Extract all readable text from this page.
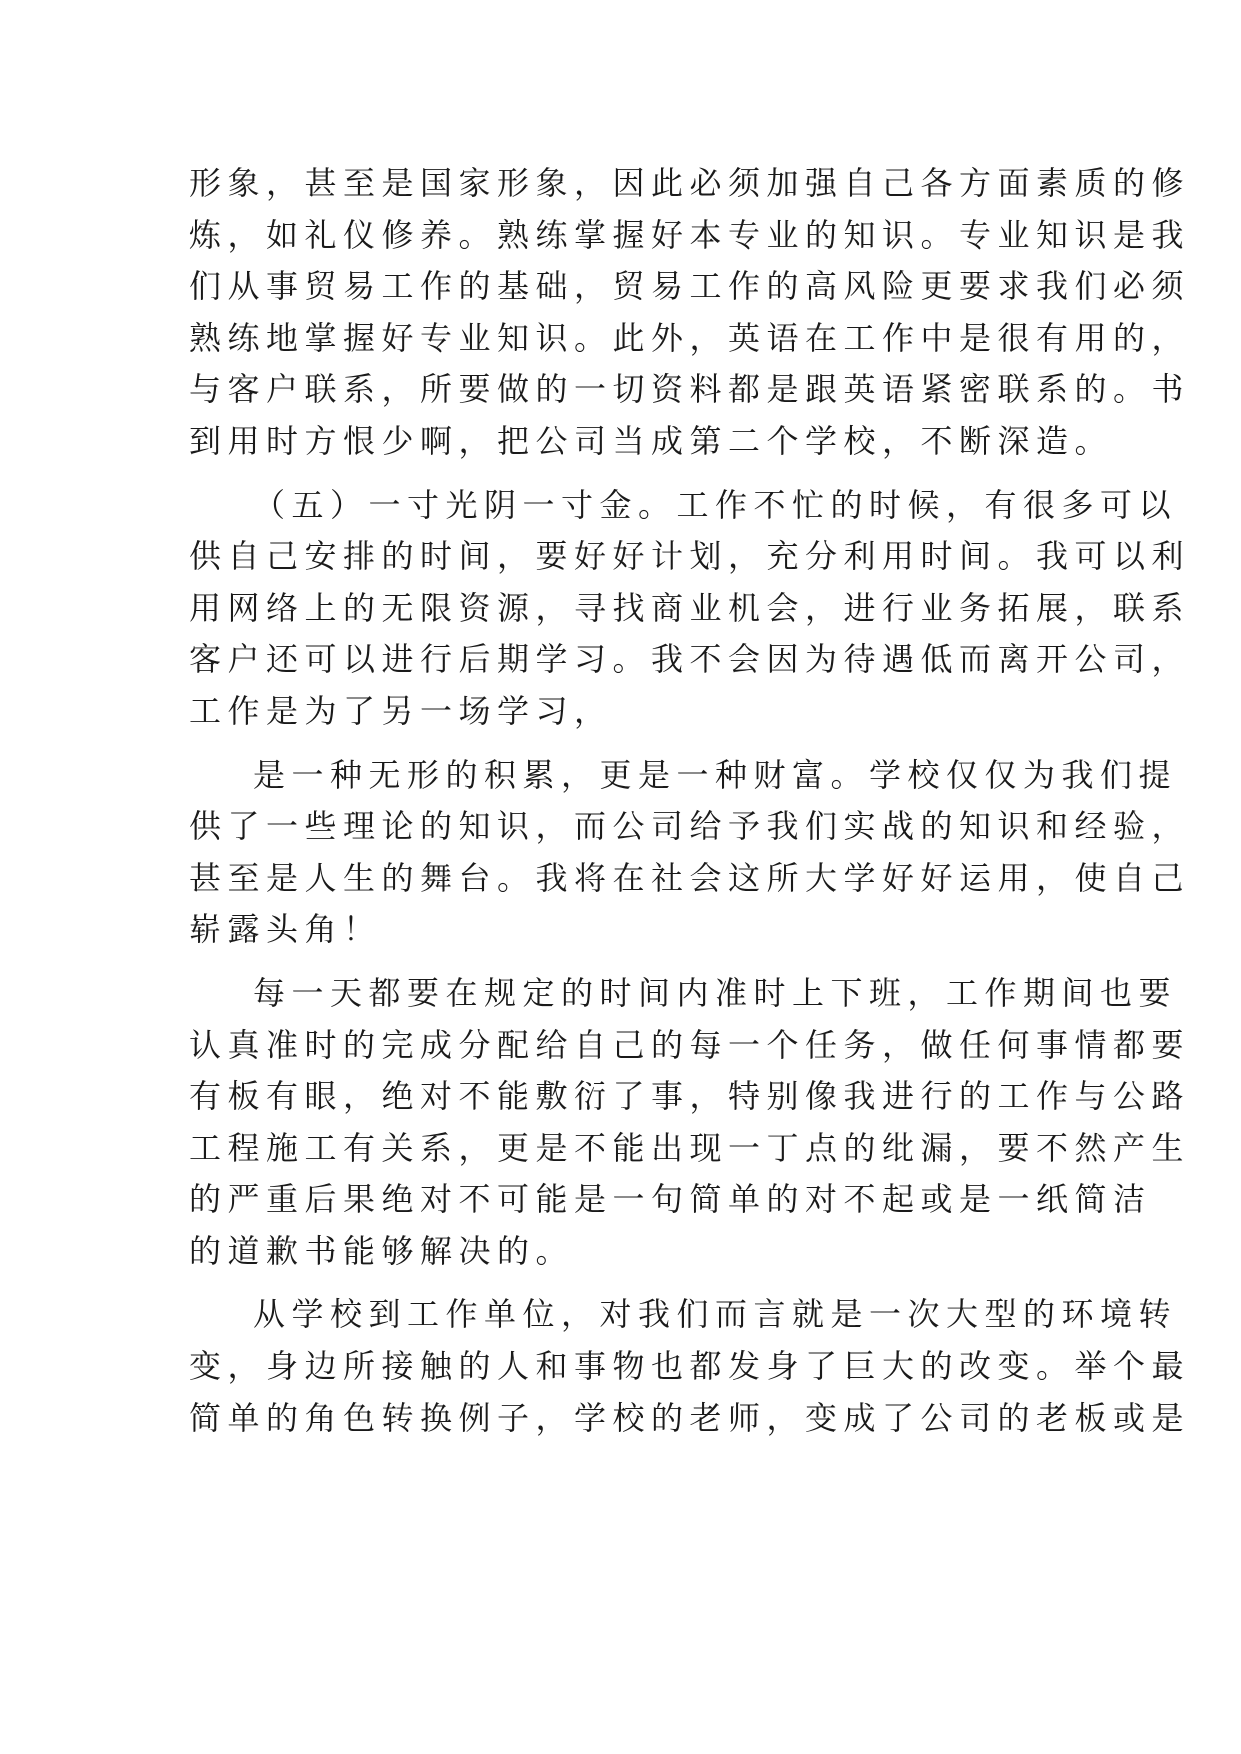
形象，甚至是国家形象，因此必须加强自己各方面素质的修
炼，如礼仪修养。熟练掌握好本专业的知识。专业知识是我
们从事贸易工作的基础，贸易工作的高风险更要求我们必须
熟练地掌握好专业知识。此外，英语在工作中是很有用的，
与客户联系，所要做的一切资料都是跟英语紧密联系的。书
到用时方恨少啊，把公司当成第二个学校，不断深造。
（五）一寸光阴一寸金。工作不忙的时候，有很多可以
供自己安排的时间，要好好计划，充分利用时间。我可以利
用网络上的无限资源，寻找商业机会，进行业务拓展，联系
客户还可以进行后期学习。我不会因为待遇低而离开公司，
工作是为了另一场学习，
是一种无形的积累，更是一种财富。学校仅仅为我们提
供了一些理论的知识，而公司给予我们实战的知识和经验，
甚至是人生的舞台。我将在社会这所大学好好运用，使自己
崭露头角！
每一天都要在规定的时间内准时上下班，工作期间也要
认真准时的完成分配给自己的每一个任务，做任何事情都要
有板有眼，绝对不能敷衍了事，特别像我进行的工作与公路
工程施工有关系，更是不能出现一丁点的纰漏，要不然产生
的严重后果绝对不可能是一句简单的对不起或是一纸简洁
的道歉书能够解决的。
从学校到工作单位，对我们而言就是一次大型的环境转
变，身边所接触的人和事物也都发身了巨大的改变。举个最
简单的角色转换例子，学校的老师，变成了公司的老板或是
